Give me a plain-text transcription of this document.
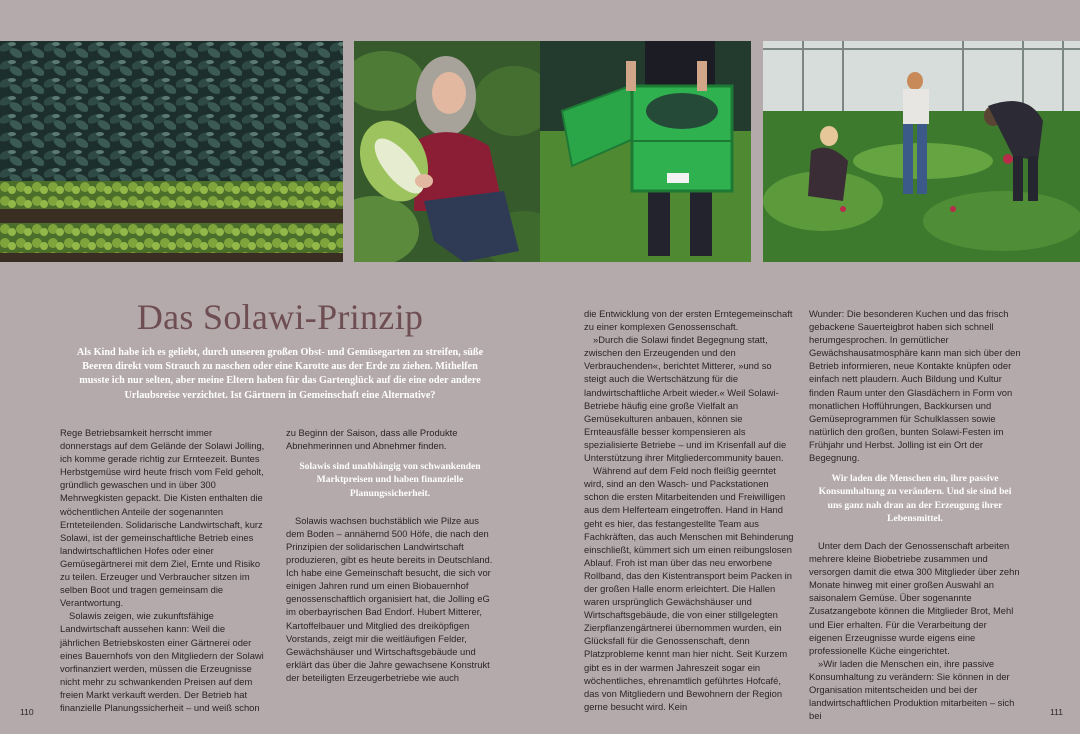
Das Solawi-Prinzip

Als Kind habe ich es geliebt, durch unseren großen Obst- und Gemüsegarten zu streifen, süße Beeren direkt vom Strauch zu naschen oder eine Karotte aus der Erde zu ziehen. Mithelfen musste ich nur selten, aber meine Eltern haben für das Gartenglück auf die eine oder andere Urlaubsreise verzichtet. Ist Gärtnern in Gemeinschaft eine Alternative?

Rege Betriebsamkeit herrscht immer donnerstags auf dem Gelände der Solawi Jolling, ich komme gerade richtig zur Ernteezeit. Buntes Herbstgemüse wird heute frisch vom Feld geholt, gründlich gewaschen und in über 300 Mehrwegkisten gepackt. Die Kisten enthalten die wöchentlichen Anteile der sogenannten Ernteteilenden. Solidarische Landwirtschaft, kurz Solawi, ist der gemeinschaftliche Betrieb eines landwirtschaftlichen Hofes oder einer Gemüsegärtnerei mit dem Ziel, Ernte und Risiko zu teilen. Erzeuger und Verbraucher sitzen im selben Boot und tragen gemeinsam die Verantwortung.

Solawis zeigen, wie zukunftsfähige Landwirtschaft aussehen kann: Weil die jährlichen Betriebskosten einer Gärtnerei oder eines Bauernhofs von den Mitgliedern der Solawi vorfinanziert werden, müssen die Erzeugnisse nicht mehr zu schwankenden Preisen auf dem freien Markt verkauft werden. Der Betrieb hat finanzielle Planungssicherheit – und weiß schon

zu Beginn der Saison, dass alle Produkte Abnehmerinnen und Abnehmer finden.

Solawis sind unabhängig von schwankenden Marktpreisen und haben finanzielle Planungssicherheit.

Solawis wachsen buchstäblich wie Pilze aus dem Boden – annähernd 500 Höfe, die nach den Prinzipien der solidarischen Landwirtschaft produzieren, gibt es heute bereits in Deutschland. Ich habe eine Gemeinschaft besucht, die sich vor einigen Jahren rund um einen Biobauernhof genossenschaftlich organisiert hat, die Jolling eG im oberbayrischen Bad Endorf. Hubert Mitterer, Kartoffelbauer und Mitglied des dreiköpfigen Vorstands, zeigt mir die weitläufigen Felder, Gewächshäuser und Wirtschaftsgebäude und erklärt das über die Jahre gewachsene Konstrukt der beteiligten Erzeugerbetriebe wie auch

die Entwicklung von der ersten Erntegemeinschaft zu einer komplexen Genossenschaft.

»Durch die Solawi findet Begegnung statt, zwischen den Erzeugenden und den Verbrauchenden«, berichtet Mitterer, »und so steigt auch die Wertschätzung für die landwirtschaftliche Arbeit wieder.« Weil Solawi-Betriebe häufig eine große Vielfalt an Gemüsekulturen anbauen, können sie Ernteausfälle besser kompensieren als spezialisierte Betriebe – und im Krisenfall auf die Unterstützung ihrer Mitgliedercommunity bauen.

Während auf dem Feld noch fleißig geerntet wird, sind an den Wasch- und Packstationen schon die ersten Mitarbeitenden und Freiwilligen aus dem Helferteam eingetroffen. Hand in Hand geht es hier, das festangestellte Team aus Fachkräften, das auch Menschen mit Behinderung einschließt, kümmert sich um einen reibungslosen Ablauf. Froh ist man über das neu erworbene Rollband, das den Kistentransport beim Packen in der großen Halle enorm erleichtert. Die Hallen waren ursprünglich Gewächshäuser und Wirtschaftsgebäude, die von einer stillgelegten Zierpflanzengärtnerei übernommen wurden, ein Glücksfall für die Genossenschaft, denn Platzprobleme kennt man hier nicht. Seit Kurzem gibt es in der warmen Jahreszeit sogar ein wöchentliches, ehrenamtlich geführtes Hofcafé, das von Mitgliedern und Bewohnern der Region gerne besucht wird. Kein

Wunder: Die besonderen Kuchen und das frisch gebackene Sauerteigbrot haben sich schnell herumgesprochen. In gemütlicher Gewächshausatmosphäre kann man sich über den Betrieb informieren, neue Kontakte knüpfen oder einfach nett plaudern. Auch Bildung und Kultur finden Raum unter den Glasdächern in Form von monatlichen Hofführungen, Backkursen und Gemüseprogrammen für Schulklassen sowie natürlich den großen, bunten Solawi-Festen im Frühjahr und Herbst. Jolling ist ein Ort der Begegnung.

Wir laden die Menschen ein, ihre passive Konsumhaltung zu verändern. Und sie sind bei uns ganz nah dran an der Erzeugung ihrer Lebensmittel.

Unter dem Dach der Genossenschaft arbeiten mehrere kleine Biobetriebe zusammen und versorgen damit die etwa 300 Mitglieder über zehn Monate hinweg mit einer großen Auswahl an saisonalem Gemüse. Über sogenannte Zusatzangebote können die Mitglieder Brot, Mehl und Eier erhalten. Für die Verarbeitung der eigenen Erzeugnisse wurde eigens eine professionelle Küche eingerichtet.

»Wir laden die Menschen ein, ihre passive Konsumhaltung zu verändern: Sie können in der Organisation mitentscheiden und bei der landwirtschaftlichen Produktion mitarbeiten – sich bei

110	111
